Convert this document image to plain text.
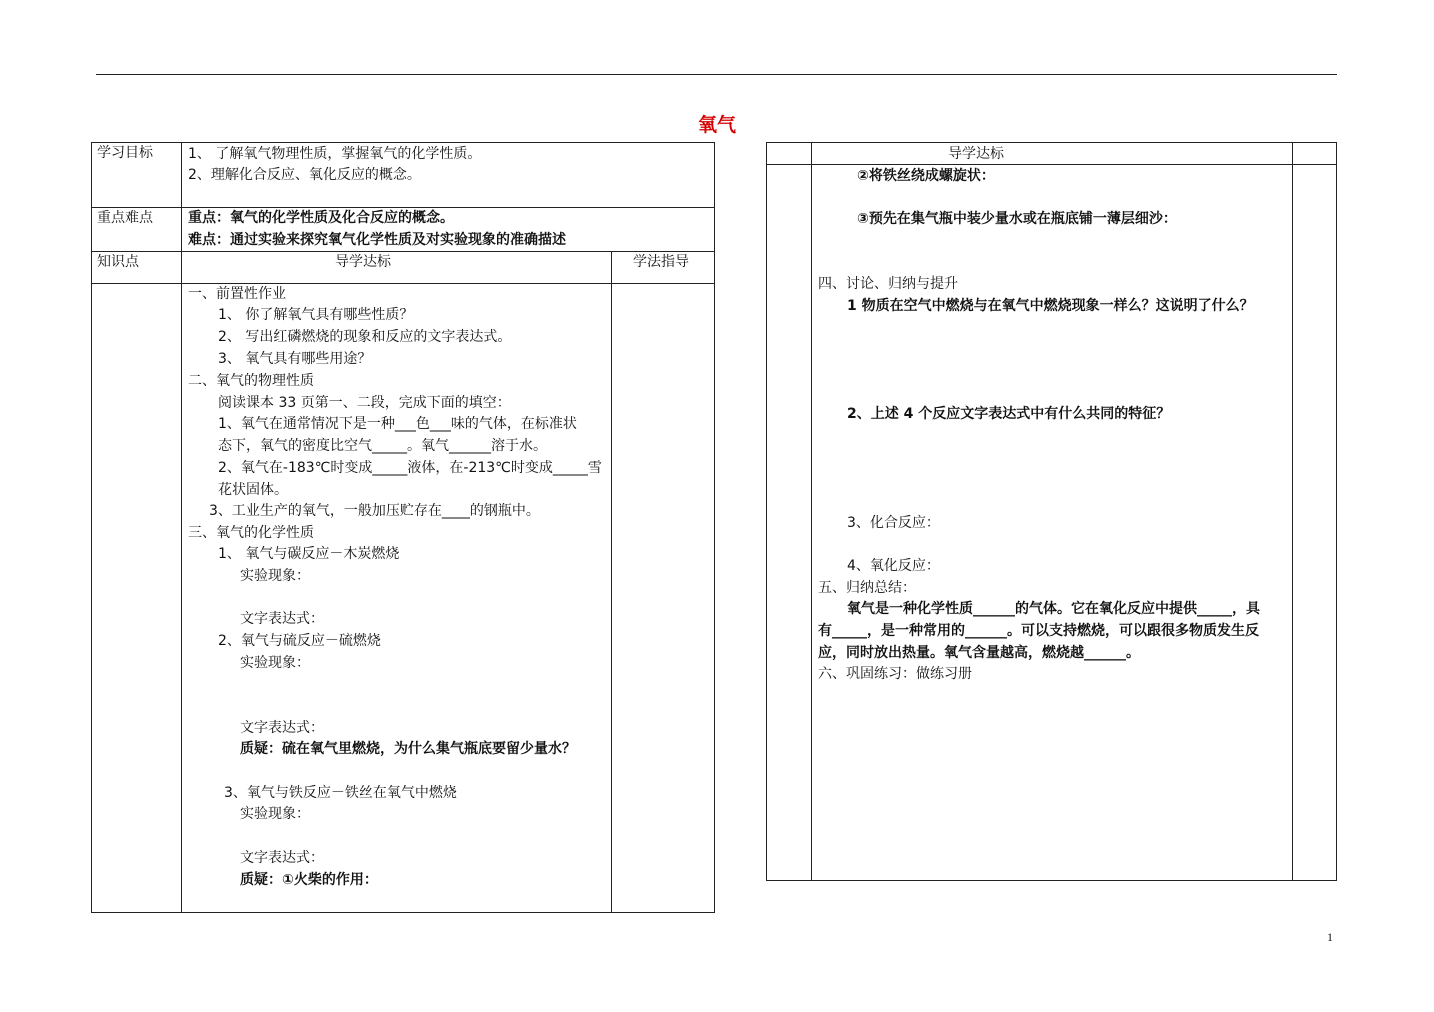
氧气
学习目标	1、 了解氧气物理性质，掌握氧气的化学性质。
2、理解化合反应、氧化反应的概念。
重点难点	重点：氧气的化学性质及化合反应的概念。
难点：通过实验来探究氧气化学性质及对实验现象的准确描述
知识点	导学达标	学法指导
一、前置性作业
1、 你了解氧气具有哪些性质？
2、 写出红磷燃烧的现象和反应的文字表达式。
3、 氧气具有哪些用途？
二、氧气的物理性质
阅读课本 33 页第一、二段，完成下面的填空：
1、氧气在通常情况下是一种___色___味的气体，在标准状
态下，氧气的密度比空气_____。氧气______溶于水。
2、氧气在-183℃时变成_____液体，在-213℃时变成_____雪
花状固体。
3、工业生产的氧气，一般加压贮存在____的钢瓶中。
三、氧气的化学性质
1、 氧气与碳反应－木炭燃烧
实验现象：
文字表达式：
2、氧气与硫反应－硫燃烧
实验现象：
文字表达式：
质疑：硫在氧气里燃烧，为什么集气瓶底要留少量水？
3、氧气与铁反应－铁丝在氧气中燃烧
实验现象：
文字表达式：
质疑：①火柴的作用：
导学达标
②将铁丝绕成螺旋状：
③预先在集气瓶中装少量水或在瓶底铺一薄层细沙：
四、讨论、归纳与提升
1 物质在空气中燃烧与在氧气中燃烧现象一样么？这说明了什么？
2、上述 4 个反应文字表达式中有什么共同的特征？
3、化合反应：
4、氧化反应：
五、归纳总结：
氧气是一种化学性质______的气体。它在氧化反应中提供_____，具
有_____，是一种常用的______。可以支持燃烧，可以跟很多物质发生反
应，同时放出热量。氧气含量越高，燃烧越______。
六、巩固练习：做练习册
1
